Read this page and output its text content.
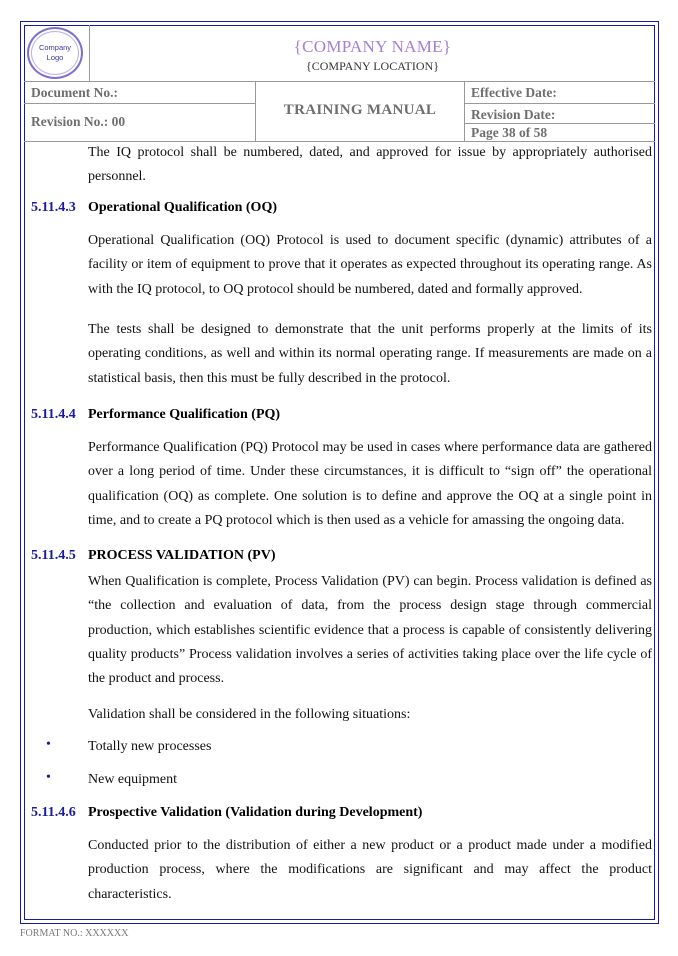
Company
Logo
{COMPANY NAME}
{COMPANY LOCATION}
Document No.:
Revision No.: 00
TRAINING MANUAL
Effective Date:
Revision Date:
Page 38 of 58

The IQ protocol shall be numbered, dated, and approved for issue by appropriately authorised personnel.

5.11.4.3 Operational Qualification (OQ)

Operational Qualification (OQ) Protocol is used to document specific (dynamic) attributes of a facility or item of equipment to prove that it operates as expected throughout its operating range. As with the IQ protocol, to OQ protocol should be numbered, dated and formally approved.

The tests shall be designed to demonstrate that the unit performs properly at the limits of its operating conditions, as well and within its normal operating range. If measurements are made on a statistical basis, then this must be fully described in the protocol.

5.11.4.4 Performance Qualification (PQ)

Performance Qualification (PQ) Protocol may be used in cases where performance data are gathered over a long period of time. Under these circumstances, it is difficult to “sign off” the operational qualification (OQ) as complete. One solution is to define and approve the OQ at a single point in time, and to create a PQ protocol which is then used as a vehicle for amassing the ongoing data.

5.11.4.5 PROCESS VALIDATION (PV)

When Qualification is complete, Process Validation (PV) can begin. Process validation is defined as “the collection and evaluation of data, from the process design stage through commercial production, which establishes scientific evidence that a process is capable of consistently delivering quality products” Process validation involves a series of activities taking place over the life cycle of the product and process.

Validation shall be considered in the following situations:

•	Totally new processes
•	New equipment
5.11.4.6 Prospective Validation (Validation during Development)

Conducted prior to the distribution of either a new product or a product made under a modified production process, where the modifications are significant and may affect the product characteristics.

FORMAT NO.: XXXXXX
